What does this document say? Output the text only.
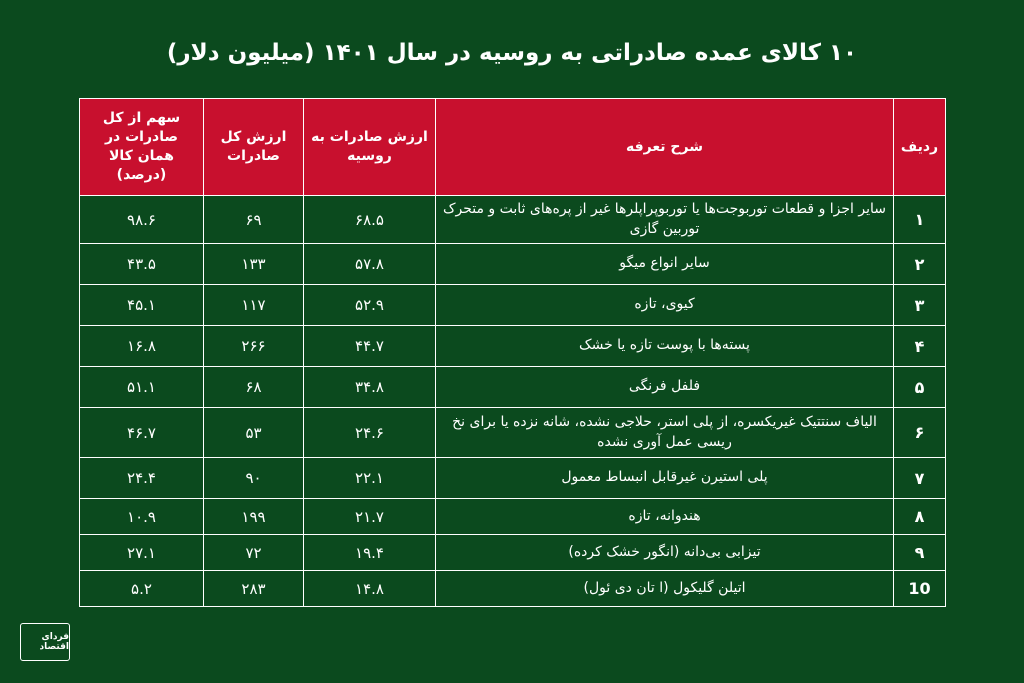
۱۰ کالای عمده صادراتی به روسیه در سال ۱۴۰۱ (میلیون دلار)
ردیف	شرح تعرفه	ارزش صادرات به روسیه	ارزش کل صادرات	سهم از کل صادرات در همان کالا (درصد)
۱	سایر اجزا و قطعات توربوجت‌ها یا توربوپراپلرها غیر از پره‌های ثابت و متحرک توربین گازی	۶۸.۵	۶۹	۹۸.۶
۲	سایر انواع میگو	۵۷.۸	۱۳۳	۴۳.۵
۳	کیوی، تازه	۵۲.۹	۱۱۷	۴۵.۱
۴	پسته‌ها با پوست تازه یا خشک	۴۴.۷	۲۶۶	۱۶.۸
۵	فلفل فرنگی	۳۴.۸	۶۸	۵۱.۱
۶	الیاف سنتتیک غیریکسره، از پلی استر، حلاجی نشده، شانه نزده یا برای نخ ریسی عمل آوری نشده	۲۴.۶	۵۳	۴۶.۷
۷	پلی استیرن غیرقابل انبساط معمول	۲۲.۱	۹۰	۲۴.۴
۸	هندوانه، تازه	۲۱.۷	۱۹۹	۱۰.۹
۹	تیزابی بی‌دانه (انگور خشک کرده)	۱۹.۴	۷۲	۲۷.۱
10	اتیلن گلیکول (ا تان دی ئول)	۱۴.۸	۲۸۳	۵.۲
فردای اقتصاد
